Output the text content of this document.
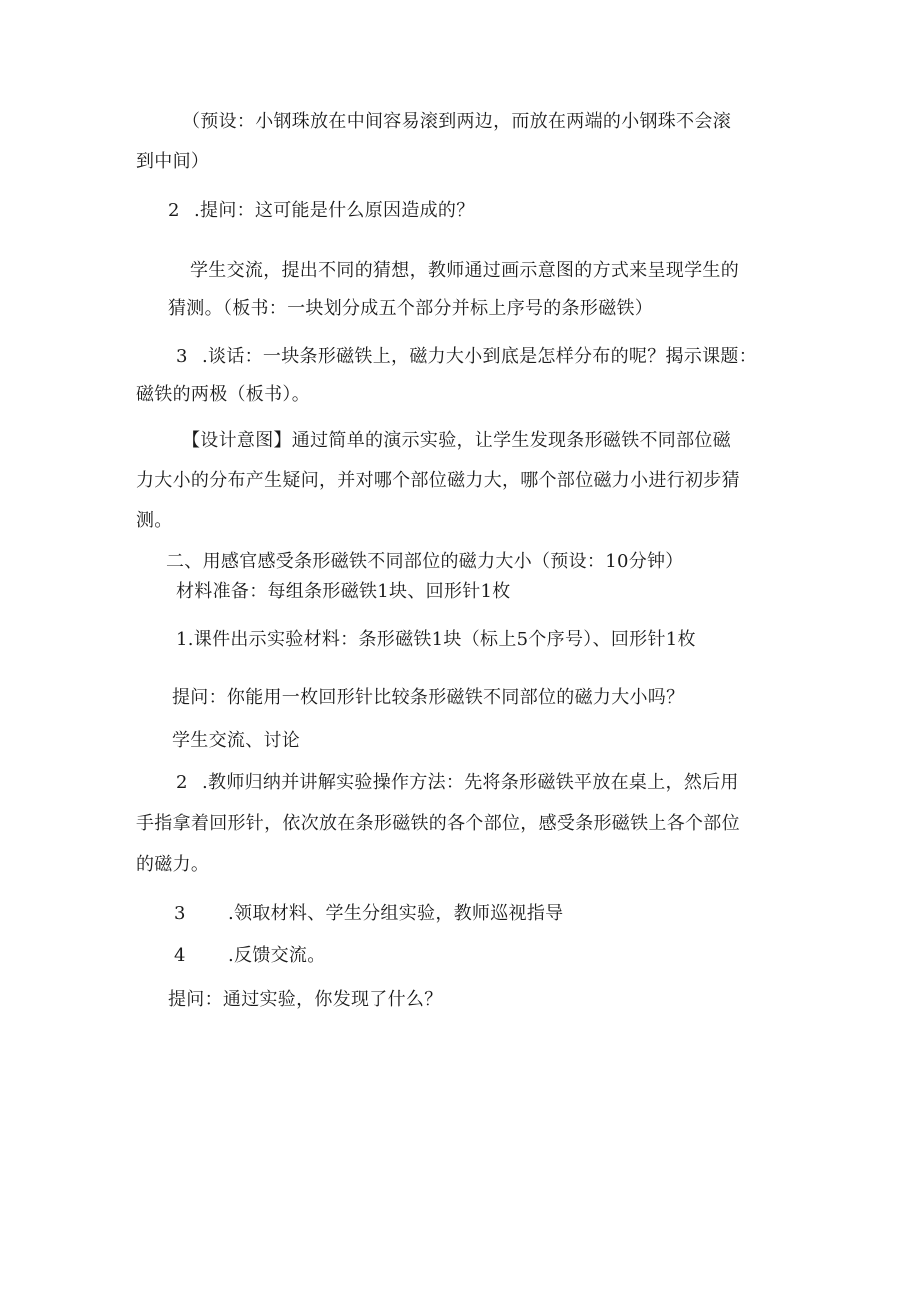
（预设：小钢珠放在中间容易滚到两边，而放在两端的小钢珠不会滚
到中间）
2 .提问：这可能是什么原因造成的？
学生交流，提出不同的猜想，教师通过画示意图的方式来呈现学生的
猜测。（板书：一块划分成五个部分并标上序号的条形磁铁）
3 .谈话：一块条形磁铁上，磁力大小到底是怎样分布的呢？揭示课题：
磁铁的两极（板书）。
【设计意图】通过简单的演示实验，让学生发现条形磁铁不同部位磁
力大小的分布产生疑问，并对哪个部位磁力大，哪个部位磁力小进行初步猜
测。
二、用感官感受条形磁铁不同部位的磁力大小（预设：10分钟）
材料准备：每组条形磁铁1块、回形针1枚
1.课件出示实验材料：条形磁铁1块（标上5个序号）、回形针1枚
提问：你能用一枚回形针比较条形磁铁不同部位的磁力大小吗？
学生交流、讨论
2 .教师归纳并讲解实验操作方法：先将条形磁铁平放在桌上，然后用
手指拿着回形针，依次放在条形磁铁的各个部位，感受条形磁铁上各个部位
的磁力。
3 .领取材料、学生分组实验，教师巡视指导
4 .反馈交流。
提问：通过实验，你发现了什么？
